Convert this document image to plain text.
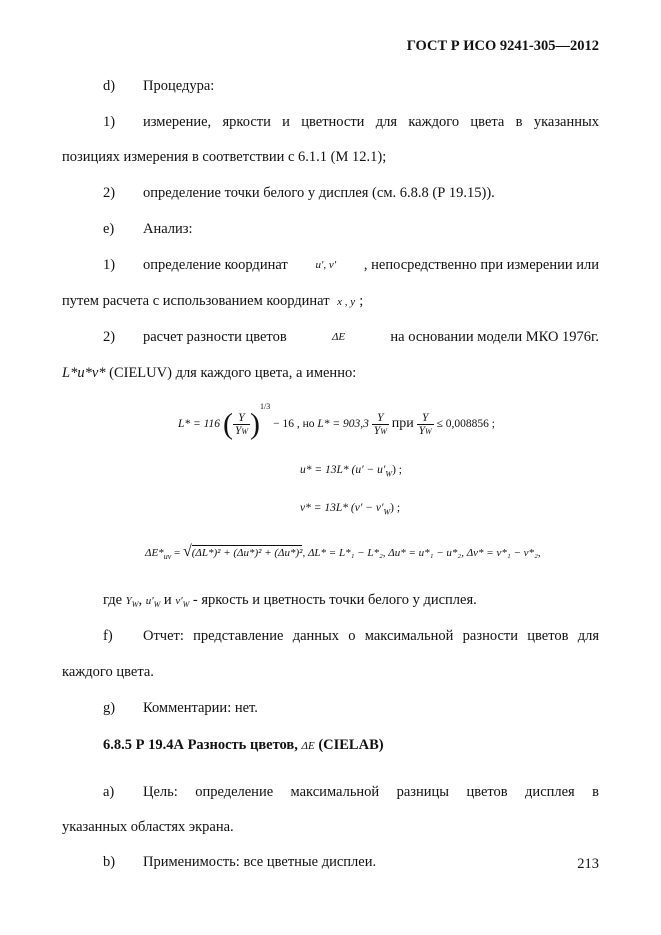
ГОСТ Р ИСО 9241-305—2012
d) Процедура:
1) измерение, яркости и цветности для каждого цвета в указанных
позициях измерения в соответствии с 6.1.1 (М 12.1);
2) определение точки белого у дисплея (см. 6.8.8 (Р 19.15)).
e) Анализ:
1) определение координат	u′, v′ , непосредственно при измерении или
путем расчета с использованием координат x , y ;
2) расчет разности цветов	ΔE	на основании модели МКО 1976г.
L*u*v* (CIELUV) для каждого цвета, а именно:
L* = 116 ( $\frac{Y}{YW} )^{1/3} - 16$ , но $L* = 903,3 \frac{Y}{YW}$ при $\frac{Y}{YW} \le 0,008856$ ;
u* = 13L* $(u' - u'_W)$ ;
v* = 13L* $(v' - v'_W)$ ;
$\Delta E*_{uv} = √(\Delta L*)^2 + (\Delta u*)^2 + (\Delta u*)^2$, ΔL* = L*₁ − L*₂, Δu* = u*₁ − u*₂, Δv* = v*₁ − v*₂,
где $Y_W$, $u'_W$ и $v'_W$ - яркость и цветность точки белого у дисплея.
f) Отчет: представление данных о максимальной разности цветов для
каждого цвета.
g) Комментарии: нет.
6.8.5 Р 19.4А Разность цветов, ΔE (CIELAB)
a) Цель: определение максимальной разницы цветов дисплея в
указанных областях экрана.
b) Применимость: все цветные дисплеи.	213
